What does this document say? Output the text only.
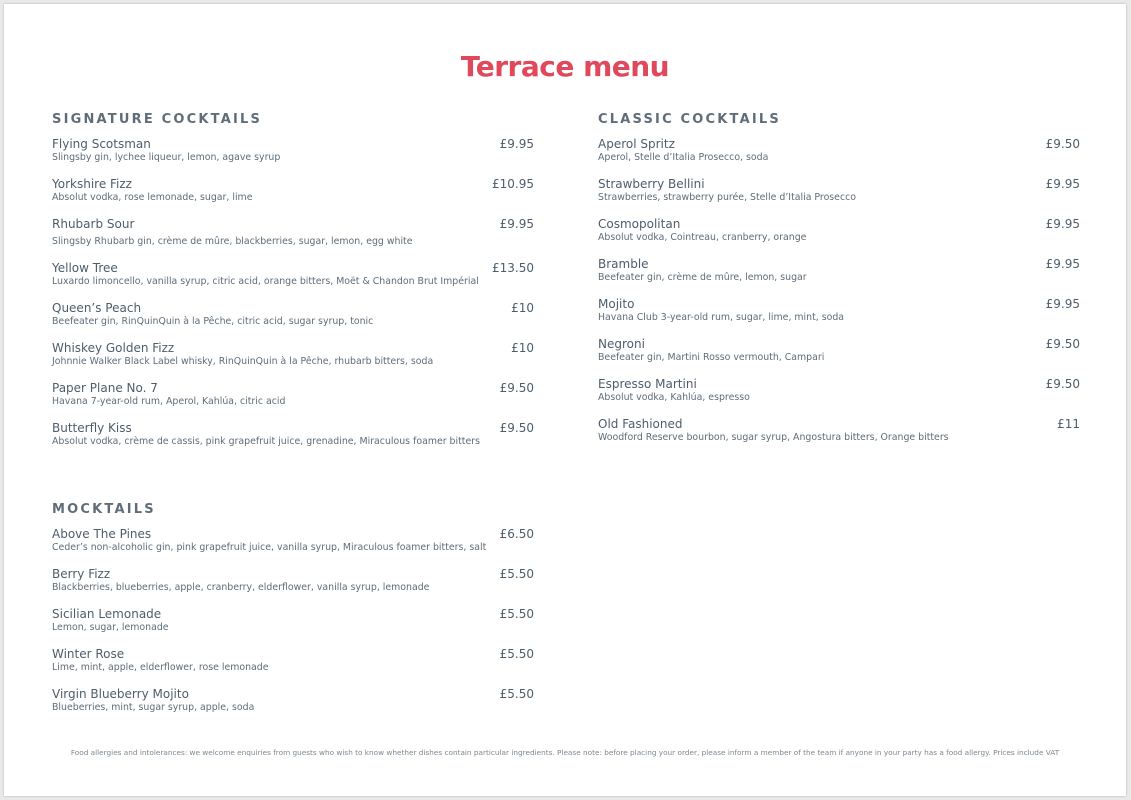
Terrace menu
SIGNATURE COCKTAILS
Flying Scotsman	£9.95
Slingsby gin, lychee liqueur, lemon, agave syrup
Yorkshire Fizz	£10.95
Absolut vodka, rose lemonade, sugar, lime
Rhubarb Sour	£9.95
Slingsby Rhubarb gin, crème de mûre, blackberries, sugar, lemon, egg white
Yellow Tree	£13.50
Luxardo limoncello, vanilla syrup, citric acid, orange bitters, Moët & Chandon Brut Impérial
Queen’s Peach	£10
Beefeater gin, RinQuinQuin à la Pêche, citric acid, sugar syrup, tonic
Whiskey Golden Fizz	£10
Johnnie Walker Black Label whisky, RinQuinQuin à la Pêche, rhubarb bitters, soda
Paper Plane No. 7	£9.50
Havana 7-year-old rum, Aperol, Kahlúa, citric acid
Butterfly Kiss	£9.50
Absolut vodka, crème de cassis, pink grapefruit juice, grenadine, Miraculous foamer bitters
CLASSIC COCKTAILS
Aperol Spritz	£9.50
Aperol, Stelle d’Italia Prosecco, soda
Strawberry Bellini	£9.95
Strawberries, strawberry purée, Stelle d’Italia Prosecco
Cosmopolitan	£9.95
Absolut vodka, Cointreau, cranberry, orange
Bramble	£9.95
Beefeater gin, crème de mûre, lemon, sugar
Mojito	£9.95
Havana Club 3-year-old rum, sugar, lime, mint, soda
Negroni	£9.50
Beefeater gin, Martini Rosso vermouth, Campari
Espresso Martini	£9.50
Absolut vodka, Kahlúa, espresso
Old Fashioned	£11
Woodford Reserve bourbon, sugar syrup, Angostura bitters, Orange bitters
MOCKTAILS
Above The Pines	£6.50
Ceder’s non-alcoholic gin, pink grapefruit juice, vanilla syrup, Miraculous foamer bitters, salt
Berry Fizz	£5.50
Blackberries, blueberries, apple, cranberry, elderflower, vanilla syrup, lemonade
Sicilian Lemonade	£5.50
Lemon, sugar, lemonade
Winter Rose	£5.50
Lime, mint, apple, elderflower, rose lemonade
Virgin Blueberry Mojito	£5.50
Blueberries, mint, sugar syrup, apple, soda
Food allergies and intolerances: we welcome enquiries from guests who wish to know whether dishes contain particular ingredients. Please note: before placing your order, please inform a member of the team if anyone in your party has a food allergy. Prices include VAT
